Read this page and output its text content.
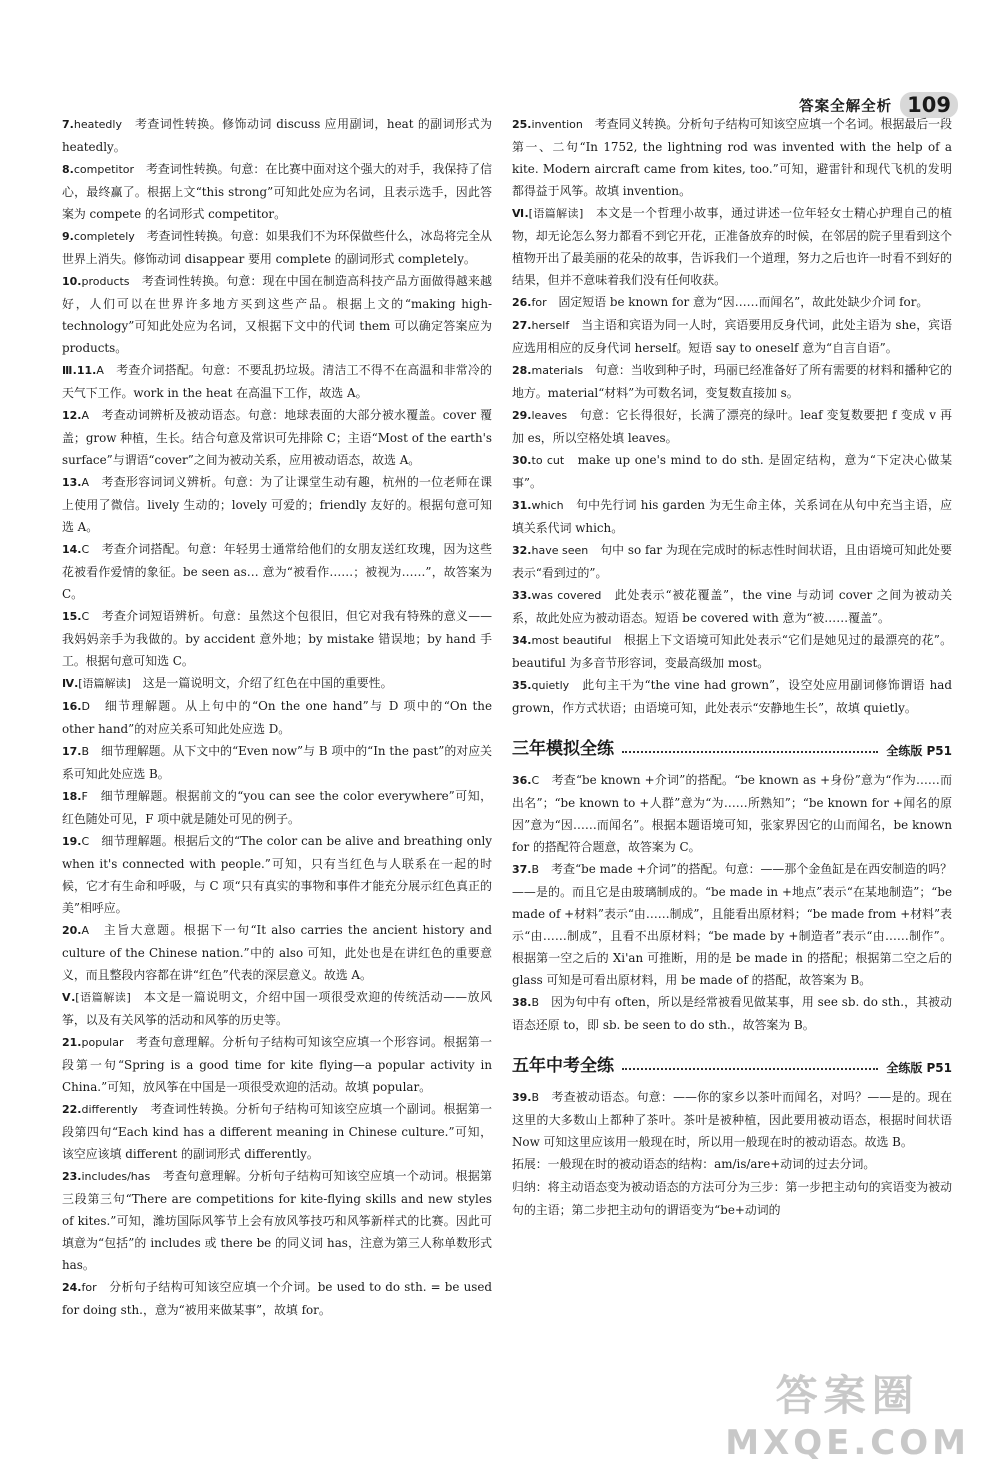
答案全解全析 109

7.heatedly　考查词性转换。修饰动词 discuss 应用副词，heat 的副词形式为 heatedly。

8.competitor　考查词性转换。句意：在比赛中面对这个强大的对手，我保持了信心，最终赢了。根据上文“this strong”可知此处应为名词，且表示选手，因此答案为 compete 的名词形式 competitor。

9.completely　考查词性转换。句意：如果我们不为环保做些什么，冰岛将完全从世界上消失。修饰动词 disappear 要用 complete 的副词形式 completely。

10.products　考查词性转换。句意：现在中国在制造高科技产品方面做得越来越好，人们可以在世界许多地方买到这些产品。根据上文的“making high-technology”可知此处应为名词，又根据下文中的代词 them 可以确定答案应为 products。

Ⅲ.11.A　考查介词搭配。句意：不要乱扔垃圾。清洁工不得不在高温和非常冷的天气下工作。work in the heat 在高温下工作，故选 A。

12.A　考查动词辨析及被动语态。句意：地球表面的大部分被水覆盖。cover 覆盖；grow 种植，生长。结合句意及常识可先排除 C；主语“Most of the earth's surface”与谓语“cover”之间为被动关系，应用被动语态，故选 A。

13.A　考查形容词词义辨析。句意：为了让课堂生动有趣，杭州的一位老师在课上使用了微信。lively 生动的；lovely 可爱的；friendly 友好的。根据句意可知选 A。

14.C　考查介词搭配。句意：年轻男士通常给他们的女朋友送红玫瑰，因为这些花被看作爱情的象征。be seen as… 意为“被看作……；被视为……”，故答案为 C。

15.C　考查介词短语辨析。句意：虽然这个包很旧，但它对我有特殊的意义——我妈妈亲手为我做的。by accident 意外地；by mistake 错误地；by hand 手工。根据句意可知选 C。

Ⅳ.[语篇解读]　这是一篇说明文，介绍了红色在中国的重要性。

16.D　细节理解题。从上句中的“On the one hand”与 D 项中的“On the other hand”的对应关系可知此处应选 D。

17.B　细节理解题。从下文中的“Even now”与 B 项中的“In the past”的对应关系可知此处应选 B。

18.F　细节理解题。根据前文的“you can see the color everywhere”可知，红色随处可见，F 项中就是随处可见的例子。

19.C　细节理解题。根据后文的“The color can be alive and breathing only when it's connected with people.”可知，只有当红色与人联系在一起的时候，它才有生命和呼吸，与 C 项“只有真实的事物和事件才能充分展示红色真正的美”相呼应。

20.A　主旨大意题。根据下一句“It also carries the ancient history and culture of the Chinese nation.”中的 also 可知，此处也是在讲红色的重要意义，而且整段内容都在讲“红色”代表的深层意义。故选 A。

Ⅴ.[语篇解读]　本文是一篇说明文，介绍中国一项很受欢迎的传统活动——放风筝，以及有关风筝的活动和风筝的历史等。

21.popular　考查句意理解。分析句子结构可知该空应填一个形容词。根据第一段第一句“Spring is a good time for kite flying—a popular activity in China.”可知，放风筝在中国是一项很受欢迎的活动。故填 popular。

22.differently　考查词性转换。分析句子结构可知该空应填一个副词。根据第一段第四句“Each kind has a different meaning in Chinese culture.”可知，该空应该填 different 的副词形式 differently。

23.includes/has　考查句意理解。分析句子结构可知该空应填一个动词。根据第三段第三句“There are competitions for kite-flying skills and new styles of kites.”可知，潍坊国际风筝节上会有放风筝技巧和风筝新样式的比赛。因此可填意为“包括”的 includes 或 there be 的同义词 has，注意为第三人称单数形式 has。

24.for　分析句子结构可知该空应填一个介词。be used to do sth. = be used for doing sth.，意为“被用来做某事”，故填 for。

25.invention　考查同义转换。分析句子结构可知该空应填一个名词。根据最后一段第一、二句“In 1752, the lightning rod was invented with the help of a kite. Modern aircraft came from kites, too.”可知，避雷针和现代飞机的发明都得益于风筝。故填 invention。

Ⅵ.[语篇解读]　本文是一个哲理小故事，通过讲述一位年轻女士精心护理自己的植物，却无论怎么努力都看不到它开花，正准备放弃的时候，在邻居的院子里看到这个植物开出了最美丽的花朵的故事，告诉我们一个道理，努力之后也许一时看不到好的结果，但并不意味着我们没有任何收获。

26.for　固定短语 be known for 意为“因……而闻名”，故此处缺少介词 for。

27.herself　当主语和宾语为同一人时，宾语要用反身代词，此处主语为 she，宾语应选用相应的反身代词 herself。短语 say to oneself 意为“自言自语”。

28.materials　句意：当收到种子时，玛丽已经准备好了所有需要的材料和播种它的地方。material“材料”为可数名词，变复数直接加 s。

29.leaves　句意：它长得很好，长满了漂亮的绿叶。leaf 变复数要把 f 变成 v 再加 es，所以空格处填 leaves。

30.to cut　make up one's mind to do sth. 是固定结构，意为“下定决心做某事”。

31.which　句中先行词 his garden 为无生命主体，关系词在从句中充当主语，应填关系代词 which。

32.have seen　句中 so far 为现在完成时的标志性时间状语，且由语境可知此处要表示“看到过的”。

33.was covered　此处表示“被花覆盖”，the vine 与动词 cover 之间为被动关系，故此处应为被动语态。短语 be covered with 意为“被……覆盖”。

34.most beautiful　根据上下文语境可知此处表示“它们是她见过的最漂亮的花”。beautiful 为多音节形容词，变最高级加 most。

35.quietly　此句主干为“the vine had grown”，设空处应用副词修饰谓语 had grown，作方式状语；由语境可知，此处表示“安静地生长”，故填 quietly。

三年模拟全练	全练版 P51

36.C　考查“be known +介词”的搭配。“be known as +身份”意为“作为……而出名”；“be known to +人群”意为“为……所熟知”；“be known for +闻名的原因”意为“因……而闻名”。根据本题语境可知，张家界因它的山而闻名，be known for 的搭配符合题意，故答案为 C。

37.B　考查“be made +介词”的搭配。句意：——那个金鱼缸是在西安制造的吗？——是的。而且它是由玻璃制成的。“be made in +地点”表示“在某地制造”；“be made of +材料”表示“由……制成”，且能看出原材料；“be made from +材料”表示“由……制成”，且看不出原材料；“be made by +制造者”表示“由……制作”。根据第一空之后的 Xi'an 可推断，用的是 be made in 的搭配；根据第二空之后的 glass 可知是可看出原材料，用 be made of 的搭配，故答案为 B。

38.B　因为句中有 often，所以是经常被看见做某事，用 see sb. do sth.，其被动语态还原 to，即 sb. be seen to do sth.，故答案为 B。

五年中考全练	全练版 P51

39.B　考查被动语态。句意：——你的家乡以茶叶而闻名，对吗？——是的。现在这里的大多数山上都种了茶叶。茶叶是被种植，因此要用被动语态，根据时间状语 Now 可知这里应该用一般现在时，所以用一般现在时的被动语态。故选 B。

拓展：一般现在时的被动语态的结构：am/is/are+动词的过去分词。

归纳：将主动语态变为被动语态的方法可分为三步：第一步把主动句的宾语变为被动句的主语；第二步把主动句的谓语变为“be+动词的

答案圈
MXQE.COM
